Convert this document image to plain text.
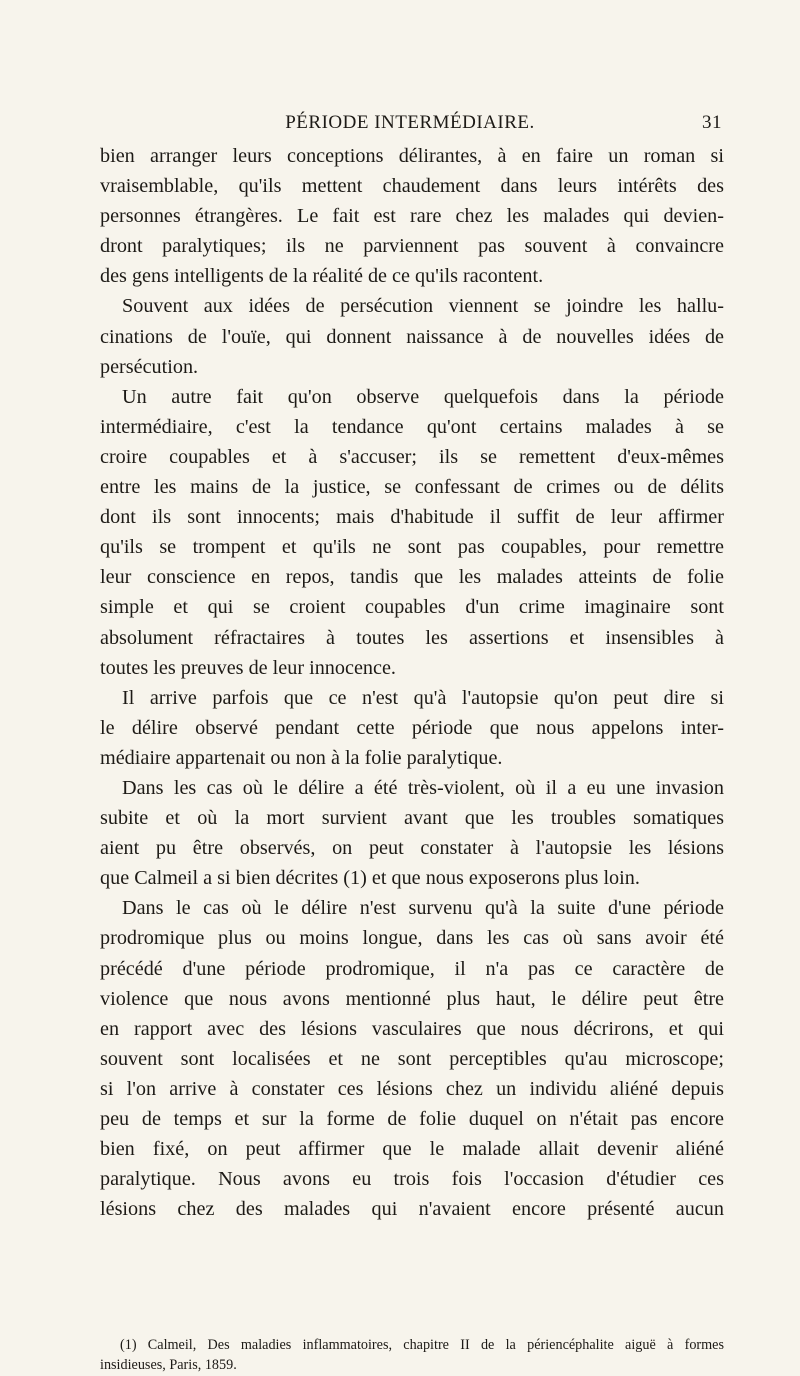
PÉRIODE INTERMÉDIAIRE.	31
bien arranger leurs conceptions délirantes, à en faire un roman si
vraisemblable, qu'ils mettent chaudement dans leurs intérêts des
personnes étrangères. Le fait est rare chez les malades qui devien-
dront paralytiques; ils ne parviennent pas souvent à convaincre
des gens intelligents de la réalité de ce qu'ils racontent.
Souvent aux idées de persécution viennent se joindre les hallu-
cinations de l'ouïe, qui donnent naissance à de nouvelles idées de
persécution.
Un autre fait qu'on observe quelquefois dans la période
intermédiaire, c'est la tendance qu'ont certains malades à se
croire coupables et à s'accuser; ils se remettent d'eux-mêmes
entre les mains de la justice, se confessant de crimes ou de délits
dont ils sont innocents; mais d'habitude il suffit de leur affirmer
qu'ils se trompent et qu'ils ne sont pas coupables, pour remettre
leur conscience en repos, tandis que les malades atteints de folie
simple et qui se croient coupables d'un crime imaginaire sont
absolument réfractaires à toutes les assertions et insensibles à
toutes les preuves de leur innocence.
Il arrive parfois que ce n'est qu'à l'autopsie qu'on peut dire si
le délire observé pendant cette période que nous appelons inter-
médiaire appartenait ou non à la folie paralytique.
Dans les cas où le délire a été très-violent, où il a eu une invasion
subite et où la mort survient avant que les troubles somatiques
aient pu être observés, on peut constater à l'autopsie les lésions
que Calmeil a si bien décrites (1) et que nous exposerons plus loin.
Dans le cas où le délire n'est survenu qu'à la suite d'une période
prodromique plus ou moins longue, dans les cas où sans avoir été
précédé d'une période prodromique, il n'a pas ce caractère de
violence que nous avons mentionné plus haut, le délire peut être
en rapport avec des lésions vasculaires que nous décrirons, et qui
souvent sont localisées et ne sont perceptibles qu'au microscope;
si l'on arrive à constater ces lésions chez un individu aliéné depuis
peu de temps et sur la forme de folie duquel on n'était pas encore
bien fixé, on peut affirmer que le malade allait devenir aliéné
paralytique. Nous avons eu trois fois l'occasion d'étudier ces
lésions chez des malades qui n'avaient encore présenté aucun
(1) Calmeil, Des maladies inflammatoires, chapitre II de la périencéphalite aiguë à formes
insidieuses, Paris, 1859.
